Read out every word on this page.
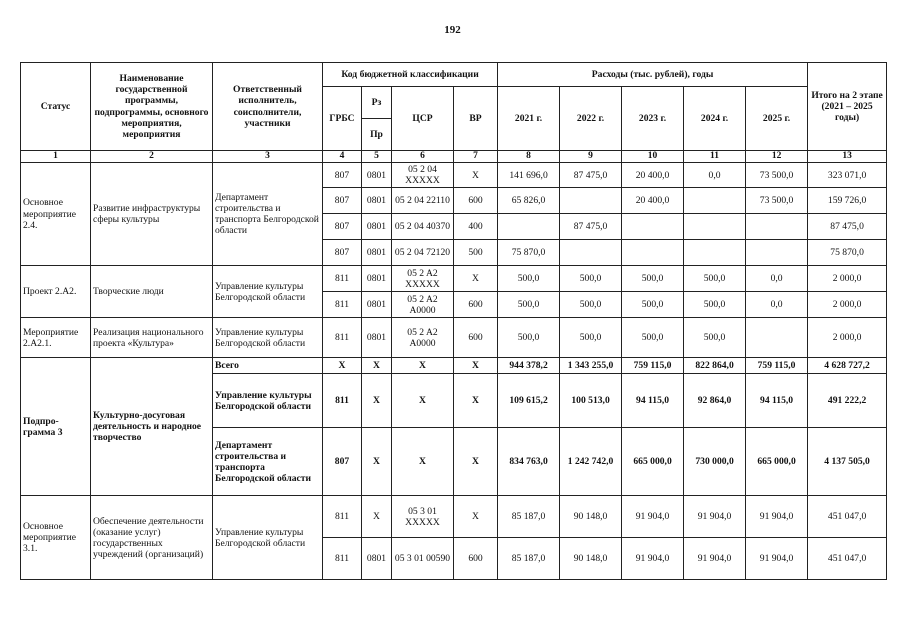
192
Статус	Наименование государственной программы, подпрограммы, основного мероприятия, мероприятия	Ответственный исполнитель, соисполнители, участники	Код бюджетной классификации				Расходы (тыс. рублей), годы					Итого на 2 этапе (2021 – 2025 годы)
			ГРБС	Рз	ЦСР	ВР	2021 г.	2022 г.	2023 г.	2024 г.	2025 г.	
				Пр								
1	2	3	4	5	6	7	8	9	10	11	12	13
Основное мероприятие 2.4.	Развитие инфраструктуры сферы культуры	Департамент строительства и транспорта Белгородской области	807	0801	05 2 04 XXXXX	X	141 696,0	87 475,0	20 400,0	0,0	73 500,0	323 071,0
			807	0801	05 2 04 22110	600	65 826,0		20 400,0		73 500,0	159 726,0
			807	0801	05 2 04 40370	400		87 475,0				87 475,0
			807	0801	05 2 04 72120	500	75 870,0					75 870,0
Проект 2.А2.	Творческие люди	Управление культуры Белгородской области	811	0801	05 2 A2 XXXXX	X	500,0	500,0	500,0	500,0	0,0	2 000,0
			811	0801	05 2 A2 A0000	600	500,0	500,0	500,0	500,0	0,0	2 000,0
Мероприятие 2.А2.1.	Реализация национального проекта «Культура»	Управление культуры Белгородской области	811	0801	05 2 A2 A0000	600	500,0	500,0	500,0	500,0		2 000,0
Подпро-грамма 3	Культурно-досуговая деятельность и народное творчество	Всего	X	X	X	X	944 378,2	1 343 255,0	759 115,0	822 864,0	759 115,0	4 628 727,2
		Управление культуры Белгородской области	811	X	X	X	109 615,2	100 513,0	94 115,0	92 864,0	94 115,0	491 222,2
		Департамент строительства и транспорта Белгородской области	807	X	X	X	834 763,0	1 242 742,0	665 000,0	730 000,0	665 000,0	4 137 505,0
Основное мероприятие 3.1.	Обеспечение деятельности (оказание услуг) государственных учреждений (организаций)	Управление культуры Белгородской области	811	X	05 3 01 XXXXX	X	85 187,0	90 148,0	91 904,0	91 904,0	91 904,0	451 047,0
			811	0801	05 3 01 00590	600	85 187,0	90 148,0	91 904,0	91 904,0	91 904,0	451 047,0
